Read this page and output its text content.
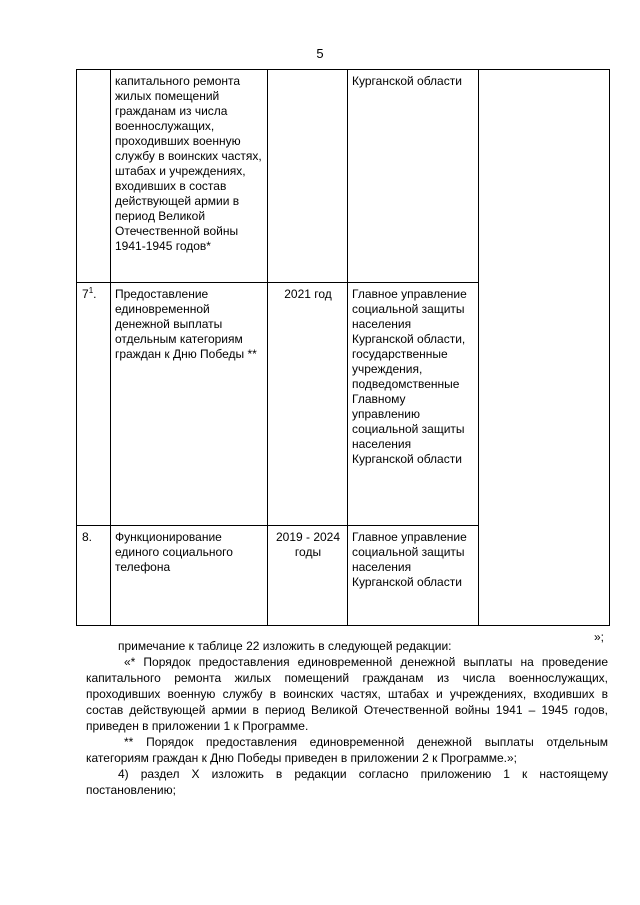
5
	капитального ремонта жилых помещений гражданам из числа военнослужащих, проходивших военную службу в воинских частях, штабах и учреждениях, входивших в состав действующей армии в период Великой Отечественной войны 1941-1945 годов*		Курганской области	
$7^1$.	Предоставление единовременной денежной выплаты отдельным категориям граждан к Дню Победы **	2021 год	Главное управление социальной защиты населения Курганской области, государственные учреждения, подведомственные Главному управлению социальной защиты населения Курганской области	
8.	Функционирование единого социального телефона	2019 - 2024 годы	Главное управление социальной защиты населения Курганской области	
»;

примечание к таблице 22 изложить в следующей редакции:

«* Порядок предоставления единовременной денежной выплаты на проведение капитального ремонта жилых помещений гражданам из числа военнослужащих, проходивших военную службу в воинских частях, штабах и учреждениях, входивших в состав действующей армии в период Великой Отечественной войны 1941 – 1945 годов, приведен в приложении 1 к Программе.

** Порядок предоставления единовременной денежной выплаты отдельным категориям граждан к Дню Победы приведен в приложении 2 к Программе.»;

4) раздел X изложить в редакции согласно приложению 1 к настоящему постановлению;
